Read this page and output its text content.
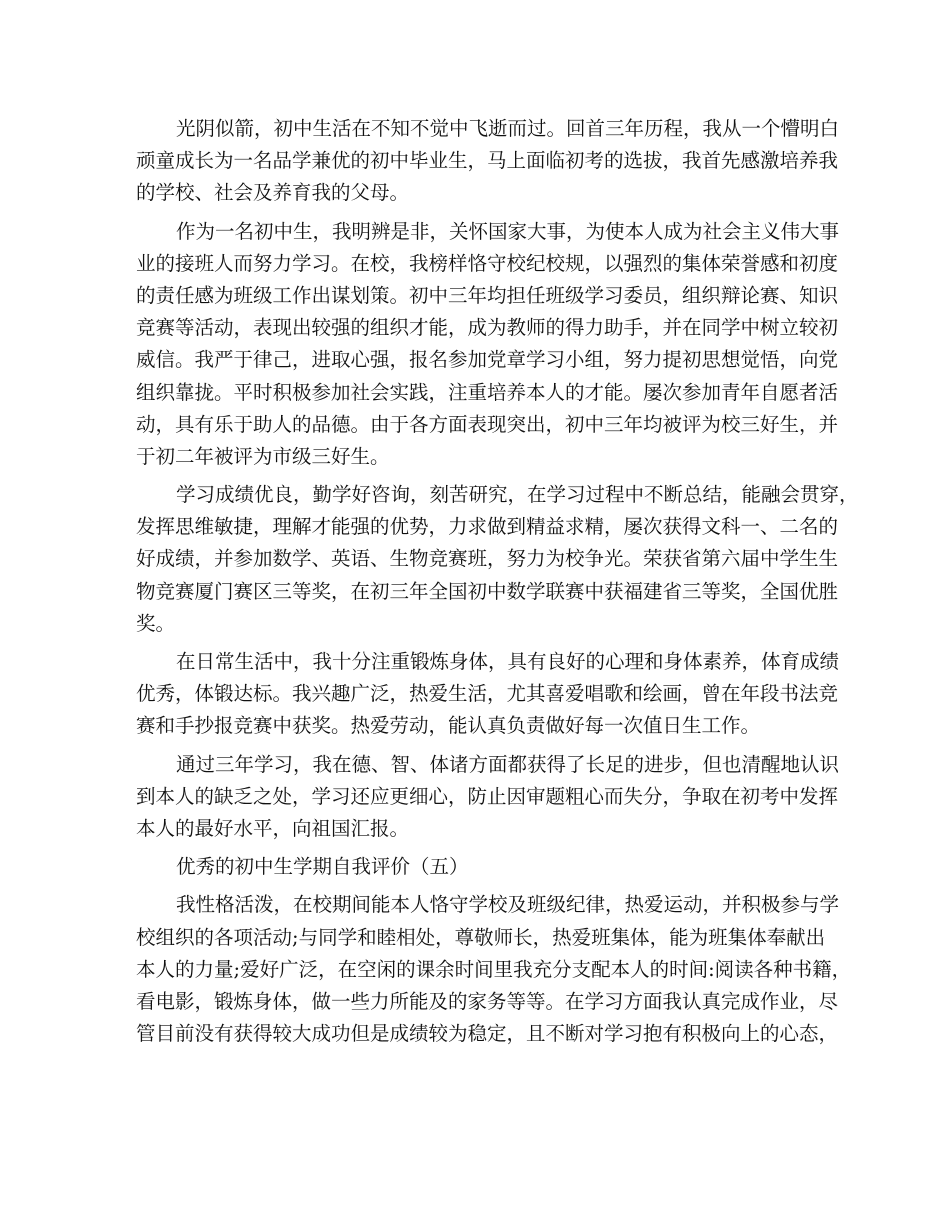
光阴似箭，初中生活在不知不觉中飞逝而过。回首三年历程，我从一个懵明白
顽童成长为一名品学兼优的初中毕业生，马上面临初考的选拔，我首先感激培养我
的学校、社会及养育我的父母。
作为一名初中生，我明辨是非，关怀国家大事，为使本人成为社会主义伟大事
业的接班人而努力学习。在校，我榜样恪守校纪校规，以强烈的集体荣誉感和初度
的责任感为班级工作出谋划策。初中三年均担任班级学习委员，组织辩论赛、知识
竞赛等活动，表现出较强的组织才能，成为教师的得力助手，并在同学中树立较初
威信。我严于律己，进取心强，报名参加党章学习小组，努力提初思想觉悟，向党
组织靠拢。平时积极参加社会实践，注重培养本人的才能。屡次参加青年自愿者活
动，具有乐于助人的品德。由于各方面表现突出，初中三年均被评为校三好生，并
于初二年被评为市级三好生。
学习成绩优良，勤学好咨询，刻苦研究，在学习过程中不断总结，能融会贯穿，
发挥思维敏捷，理解才能强的优势，力求做到精益求精，屡次获得文科一、二名的
好成绩，并参加数学、英语、生物竞赛班，努力为校争光。荣获省第六届中学生生
物竞赛厦门赛区三等奖，在初三年全国初中数学联赛中获福建省三等奖，全国优胜
奖。
在日常生活中，我十分注重锻炼身体，具有良好的心理和身体素养，体育成绩
优秀，体锻达标。我兴趣广泛，热爱生活，尤其喜爱唱歌和绘画，曾在年段书法竞
赛和手抄报竞赛中获奖。热爱劳动，能认真负责做好每一次值日生工作。
通过三年学习，我在德、智、体诸方面都获得了长足的进步，但也清醒地认识
到本人的缺乏之处，学习还应更细心，防止因审题粗心而失分，争取在初考中发挥
本人的最好水平，向祖国汇报。
优秀的初中生学期自我评价（五）
我性格活泼，在校期间能本人恪守学校及班级纪律，热爱运动，并积极参与学
校组织的各项活动;与同学和睦相处，尊敬师长，热爱班集体，能为班集体奉献出
本人的力量;爱好广泛，在空闲的课余时间里我充分支配本人的时间:阅读各种书籍，
看电影，锻炼身体，做一些力所能及的家务等等。在学习方面我认真完成作业，尽
管目前没有获得较大成功但是成绩较为稳定，且不断对学习抱有积极向上的心态，
